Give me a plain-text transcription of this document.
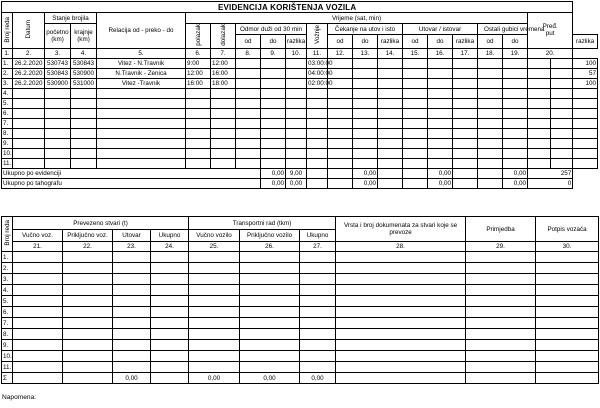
EVIDENCIJA KORIŠTENJA VOZILA																					
Broj reda	Datum	Stanje brojila		Relacija od - preko - do	Vrijeme (sat, min)														Pređ. put		
		početno (km)	krajnje (km)		polazak	dolazak	Odmor duži od 30 min			Vožnje	Čekanje na utov i isto			Utovar / istovar			Ostali gubici vremena				
							od	do	razlika		od	do	razlika	od	do	razlika	od	do			razlika
1.	2.	3.	4.	5.	6.	7.	8.	9.	10.	11.	12.	13.	14.	15.	16.	17.	18.	19.	20.		
1.	26.2.2020	530743	530843	Vitez - N.Travnik	9:00	12:00				03:00:00											100
2.	26.2.2020	530843	530900	N.Travnik - Zenica	12:00	16:00				04:00:00											57
3.	26.2.2020	530900	531000	Vitez -Travnik	16:00	18:00				02:00:00											100
4.																					
5.																					
6.																					
7.																					
8.																					
9.																					
10.																					
11.																					
Ukupno po evidenciji								0,00	9,00			0,00			0,00			0,00	257		
Ukupno po tahografu								0,00	0,00			0,00			0,00			0,00	0		
Broj reda	Prevezeno stvari (t)				Transportni rad (tkm)			Vrsta i broj dokumenata za stvari koje se prevoze	Primjedba	Potpis vozača
	Vučno voz.	Priključno voz.	Utovar	Ukupno	Vučno vozilo	Priključno vozilo	Ukupno			
	21.	22.	23.	24.	25.	26.	27.	28.	29.	30.
1.										
2.										
3.										
4.										
5.										
6.										
7.										
8.										
9.										
10.										
11.										
Σ			0,00		0,00	0,00	0,00			
Napomena:
